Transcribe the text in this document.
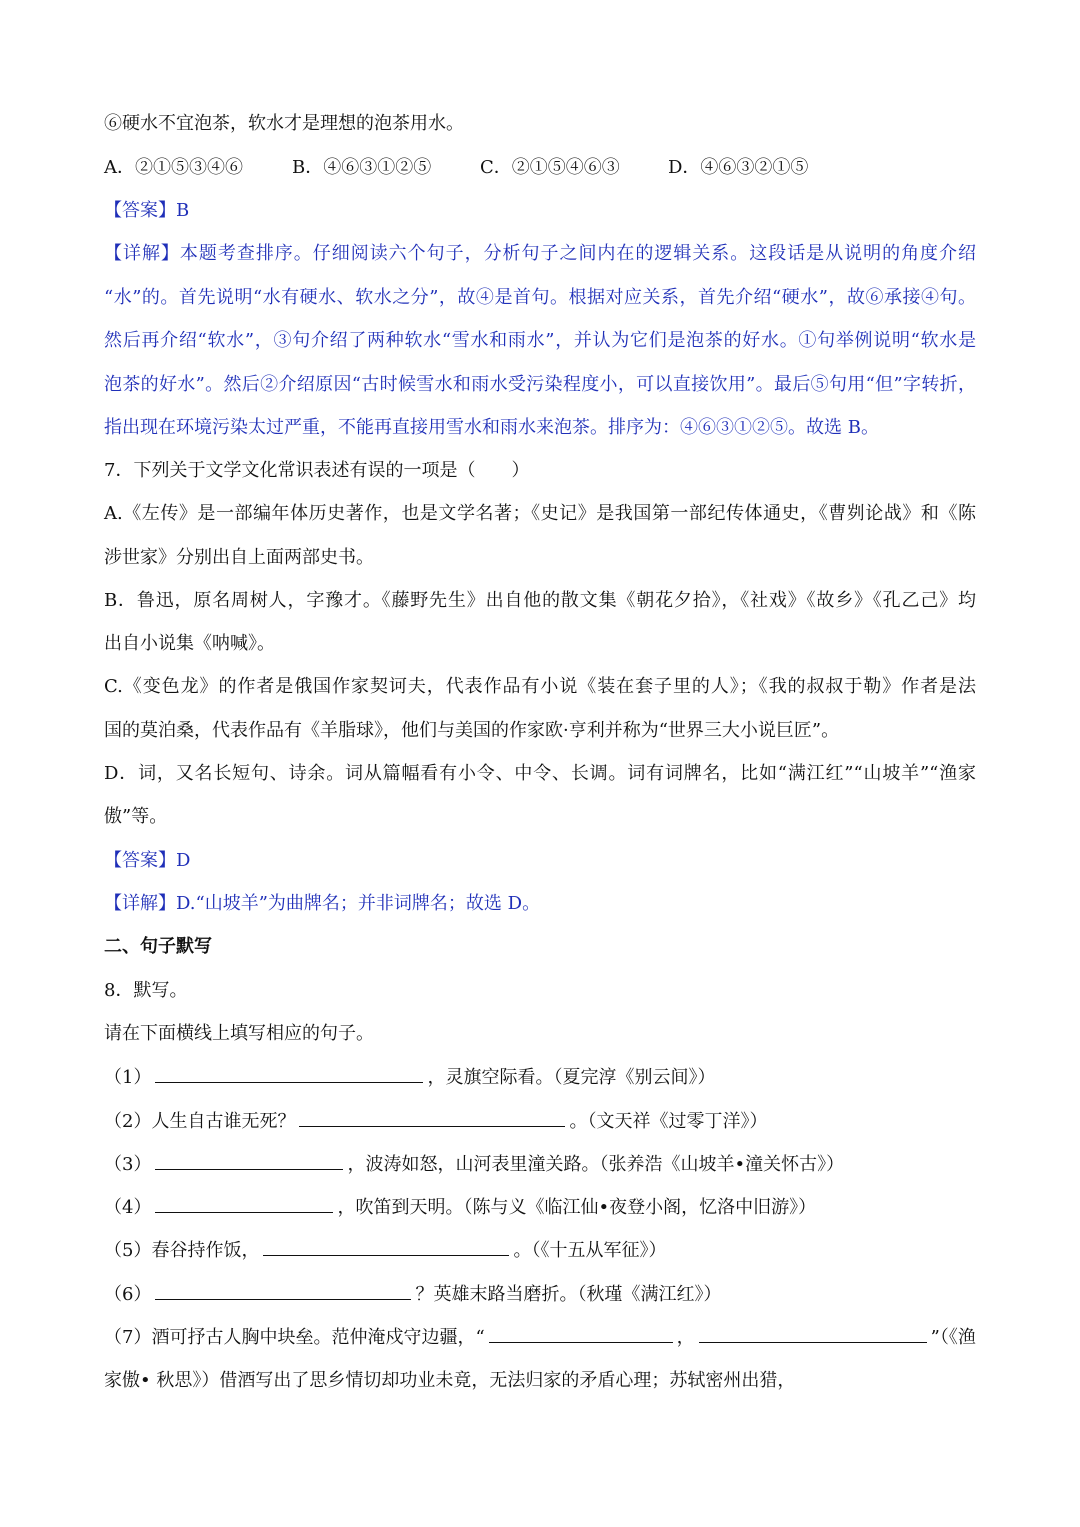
⑥硬水不宜泡茶，软水才是理想的泡茶用水。
A．②①⑤③④⑥	B．④⑥③①②⑤	C．②①⑤④⑥③	D．④⑥③②①⑤
【答案】B
【详解】本题考查排序。仔细阅读六个句子，分析句子之间内在的逻辑关系。这段话是从说明的角度介绍
“水”的。首先说明“水有硬水、软水之分”，故④是首句。根据对应关系，首先介绍“硬水”，故⑥承接④句。
然后再介绍“软水”，③句介绍了两种软水“雪水和雨水”，并认为它们是泡茶的好水。①句举例说明“软水是
泡茶的好水”。然后②介绍原因“古时候雪水和雨水受污染程度小，可以直接饮用”。最后⑤句用“但”字转折，
指出现在环境污染太过严重，不能再直接用雪水和雨水来泡茶。排序为：④⑥③①②⑤。故选 B。
7．下列关于文学文化常识表述有误的一项是（　　）
A.《左传》是一部编年体历史著作，也是文学名著；《史记》是我国第一部纪传体通史，《曹刿论战》和《陈
涉世家》分别出自上面两部史书。
B．鲁迅，原名周树人，字豫才。《藤野先生》出自他的散文集《朝花夕拾》，《社戏》《故乡》《孔乙己》均
出自小说集《呐喊》。
C.《变色龙》的作者是俄国作家契诃夫，代表作品有小说《装在套子里的人》；《我的叔叔于勒》作者是法
国的莫泊桑，代表作品有《羊脂球》，他们与美国的作家欧·亨利并称为“世界三大小说巨匠”。
D．词，又名长短句、诗余。词从篇幅看有小令、中令、长调。词有词牌名，比如“满江红”“山坡羊”“渔家
傲”等。
【答案】D
【详解】D.“山坡羊”为曲牌名；并非词牌名；故选 D。
二、句子默写
8．默写。
请在下面横线上填写相应的句子。
（1）	，灵旗空际看。（夏完淳《别云间》）
（2）人生自古谁无死？	。（文天祥《过零丁洋》）
（3）	，波涛如怒，山河表里潼关路。（张养浩《山坡羊•潼关怀古》）
（4）	，吹笛到天明。（陈与义《临江仙•夜登小阁，忆洛中旧游》）
（5）春谷持作饭，	。（《十五从军征》）
（6）	？英雄末路当磨折。（秋瑾《满江红》）
（7）酒可抒古人胸中块垒。范仲淹戍守边疆，“	，	”（《渔
家傲• 秋思》）借酒写出了思乡情切却功业未竟，无法归家的矛盾心理；苏轼密州出猎，
